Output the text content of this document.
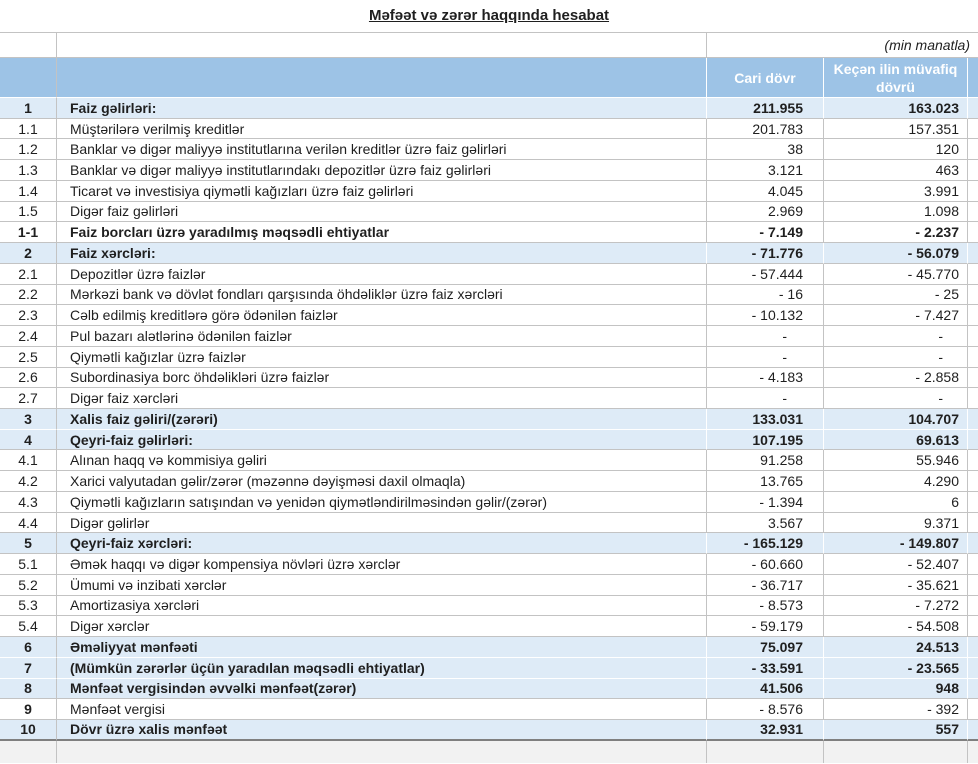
Məfəət və zərər haqqında hesabat				
		(min manatla)		
		Cari dövr	Keçən ilin müvafiq dövrü	
1	Faiz gəlirləri:	211.955	163.023	
1.1	Müştərilərə verilmiş kreditlər	201.783	157.351	
1.2	Banklar və digər maliyyə institutlarına verilən kreditlər üzrə faiz gəlirləri	38	120	
1.3	Banklar və digər maliyyə institutlarındakı depozitlər üzrə faiz gəlirləri	3.121	463	
1.4	Ticarət və investisiya qiymətli kağızları üzrə faiz gəlirləri	4.045	3.991	
1.5	Digər faiz gəlirləri	2.969	1.098	
1-1	Faiz borcları üzrə yaradılmış məqsədli ehtiyatlar	- 7.149	- 2.237	
2	Faiz xərcləri:	- 71.776	- 56.079	
2.1	Depozitlər üzrə faizlər	- 57.444	- 45.770	
2.2	Mərkəzi bank və dövlət fondları qarşısında öhdəliklər üzrə faiz xərcləri	- 16	- 25	
2.3	Cəlb edilmiş kreditlərə görə ödənilən faizlər	- 10.132	- 7.427	
2.4	Pul bazarı alətlərinə ödənilən faizlər	-	-	
2.5	Qiymətli kağızlar üzrə faizlər	-	-	
2.6	Subordinasiya borc öhdəlikləri üzrə faizlər	- 4.183	- 2.858	
2.7	Digər faiz xərcləri	-	-	
3	Xalis faiz gəliri/(zərəri)	133.031	104.707	
4	Qeyri-faiz gəlirləri:	107.195	69.613	
4.1	Alınan haqq və kommisiya gəliri	91.258	55.946	
4.2	Xarici valyutadan gəlir/zərər (məzənnə dəyişməsi daxil olmaqla)	13.765	4.290	
4.3	Qiymətli kağızların satışından və yenidən qiymətləndirilməsindən gəlir/(zərər)	- 1.394	6	
4.4	Digər gəlirlər	3.567	9.371	
5	Qeyri-faiz xərcləri:	- 165.129	- 149.807	
5.1	Əmək haqqı və digər kompensiya növləri üzrə xərclər	- 60.660	- 52.407	
5.2	Ümumi və inzibati xərclər	- 36.717	- 35.621	
5.3	Amortizasiya xərcləri	- 8.573	- 7.272	
5.4	Digər xərclər	- 59.179	- 54.508	
6	Əməliyyat mənfəəti	75.097	24.513	
7	(Mümkün zərərlər üçün yaradılan məqsədli ehtiyatlar)	- 33.591	- 23.565	
8	Mənfəət vergisindən əvvəlki mənfəət(zərər)	41.506	948	
9	Mənfəət vergisi	- 8.576	- 392	
10	Dövr üzrə xalis mənfəət	32.931	557	
